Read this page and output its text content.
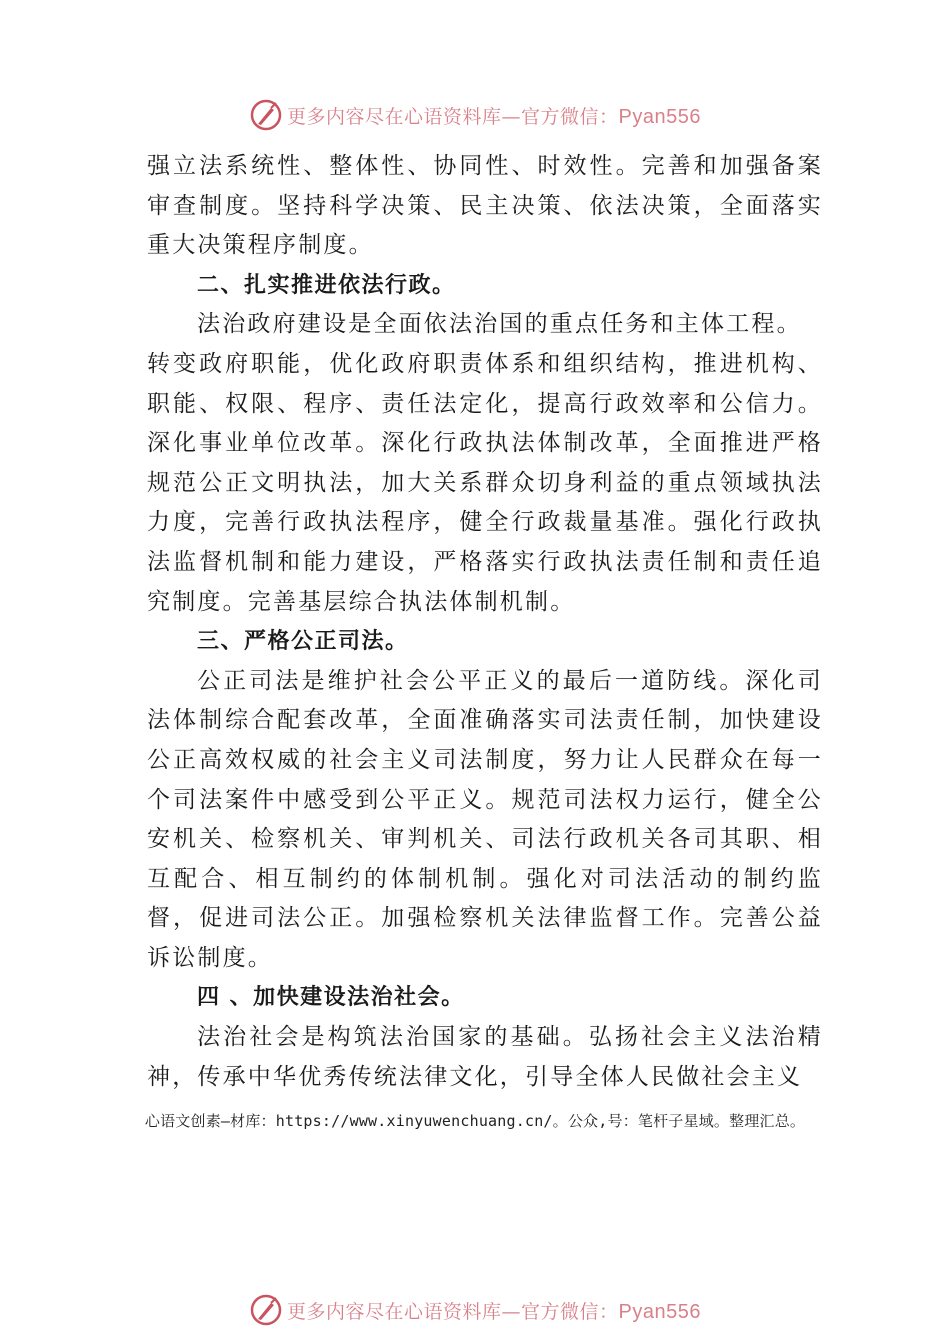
更多内容尽在心语资料库—官方微信：Pyan556

强立法系统性、整体性、协同性、时效性。完善和加强备案审查制度。坚持科学决策、民主决策、依法决策，全面落实重大决策程序制度。

二、扎实推进依法行政。

法治政府建设是全面依法治国的重点任务和主体工程。

转变政府职能，优化政府职责体系和组织结构，推进机构、 职能、权限、程序、责任法定化，提高行政效率和公信力。 深化事业单位改革。深化行政执法体制改革，全面推进严格规范公正文明执法，加大关系群众切身利益的重点领域执法力度，完善行政执法程序，健全行政裁量基准。强化行政执法监督机制和能力建设，严格落实行政执法责任制和责任追究制度。完善基层综合执法体制机制。

三、严格公正司法。

公正司法是维护社会公平正义的最后一道防线。深化司法体制综合配套改革，全面准确落实司法责任制，加快建设公正高效权威的社会主义司法制度，努力让人民群众在每一个司法案件中感受到公平正义。规范司法权力运行，健全公安机关、检察机关、审判机关、司法行政机关各司其职、相互配合、相互制约的体制机制。强化对司法活动的制约监督，促进司法公正。加强检察机关法律监督工作。完善公益诉讼制度。

四 、加快建设法治社会。

法治社会是构筑法治国家的基础。弘扬社会主义法治精神，传承中华优秀传统法律文化，引导全体人民做社会主义

心语文创素—材库：https://www.xinyuwenchuang.cn/。公众,号：笔杆子星域。整理汇总。
更多内容尽在心语资料库—官方微信：Pyan556
